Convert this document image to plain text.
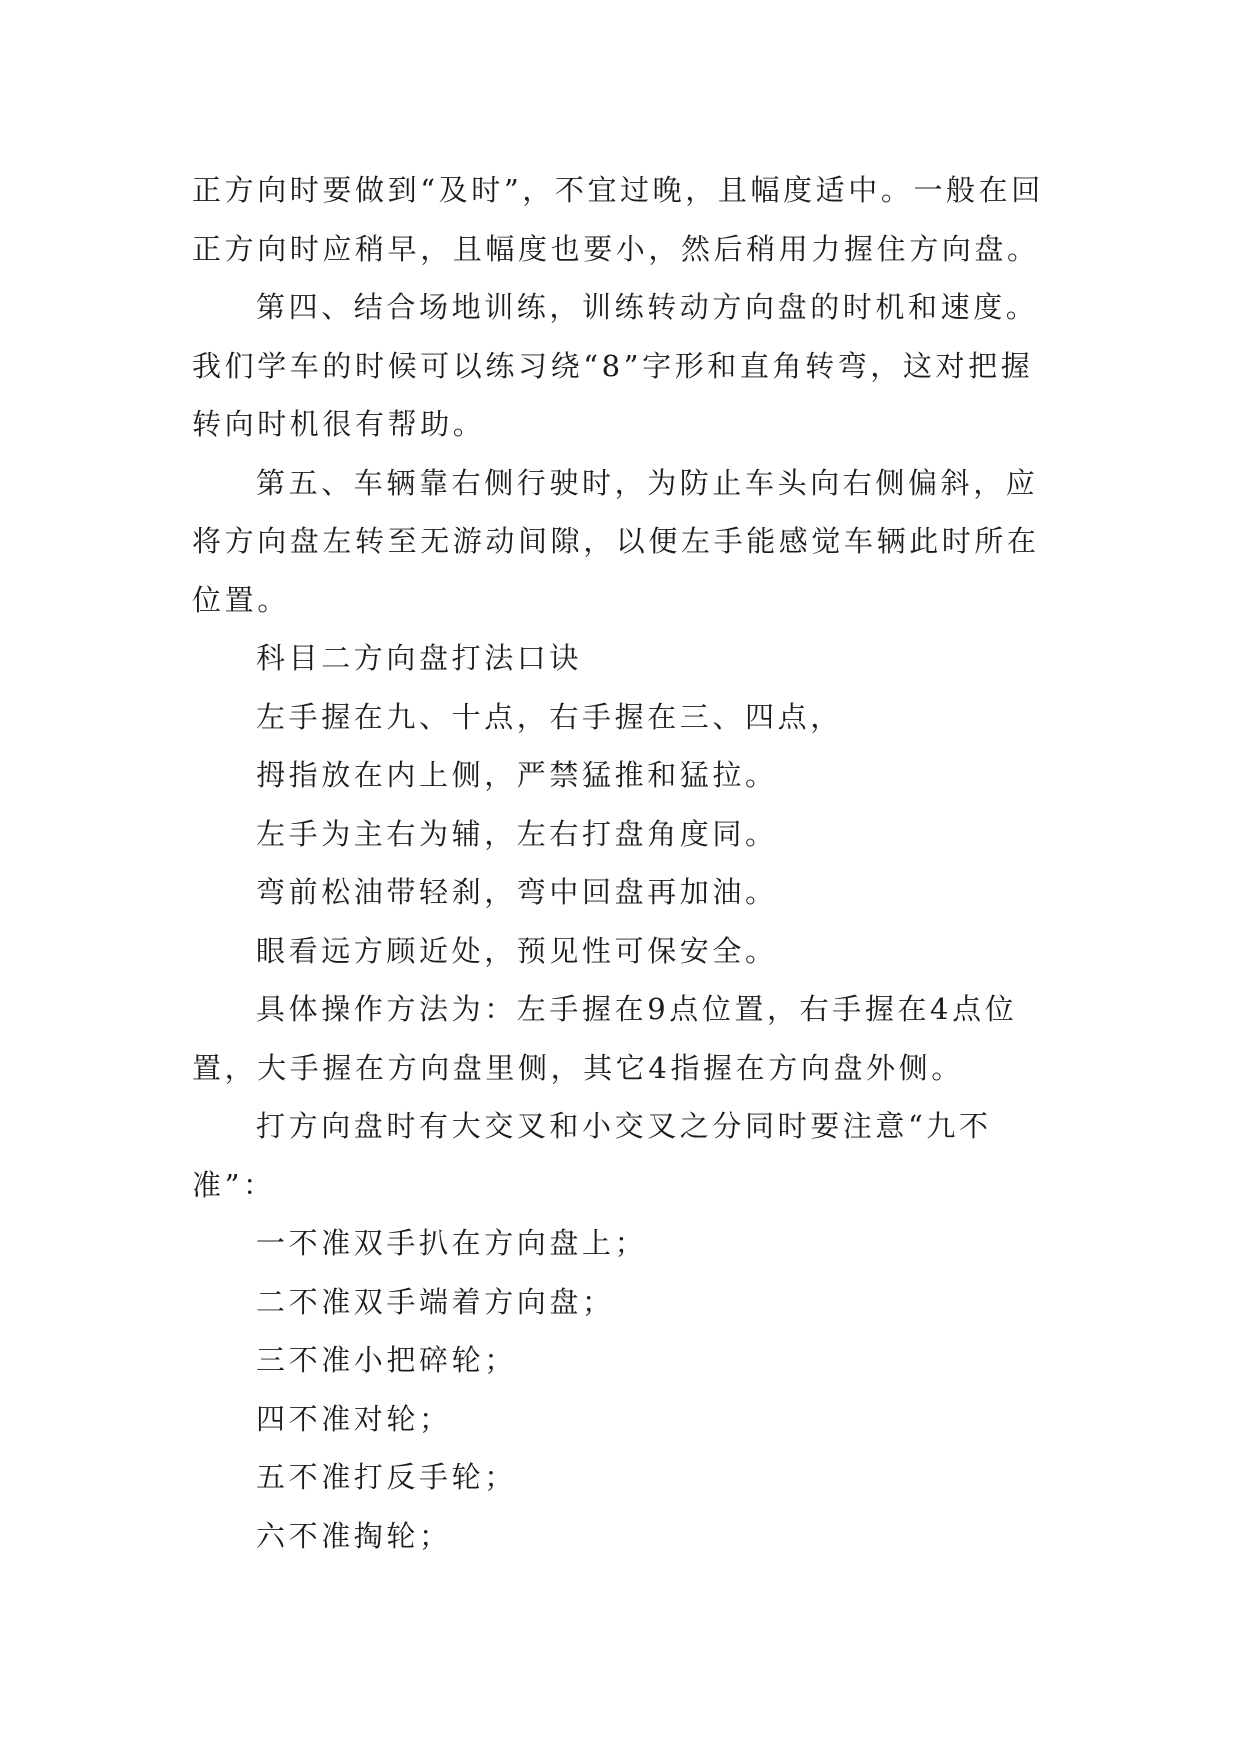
正方向时要做到“及时”，不宜过晚，且幅度适中。一般在回正方向时应稍早，且幅度也要小，然后稍用力握住方向盘。

第四、结合场地训练，训练转动方向盘的时机和速度。我们学车的时候可以练习绕“8”字形和直角转弯，这对把握转向时机很有帮助。

第五、车辆靠右侧行驶时，为防止车头向右侧偏斜，应将方向盘左转至无游动间隙，以便左手能感觉车辆此时所在位置。

科目二方向盘打法口诀

左手握在九、十点，右手握在三、四点，

拇指放在内上侧，严禁猛推和猛拉。

左手为主右为辅，左右打盘角度同。

弯前松油带轻刹，弯中回盘再加油。

眼看远方顾近处，预见性可保安全。

具体操作方法为：左手握在9点位置，右手握在4点位置，大手握在方向盘里侧，其它4指握在方向盘外侧。

打方向盘时有大交叉和小交叉之分同时要注意“九不准”：

一不准双手扒在方向盘上；

二不准双手端着方向盘；

三不准小把碎轮；

四不准对轮；

五不准打反手轮；

六不准掏轮；
